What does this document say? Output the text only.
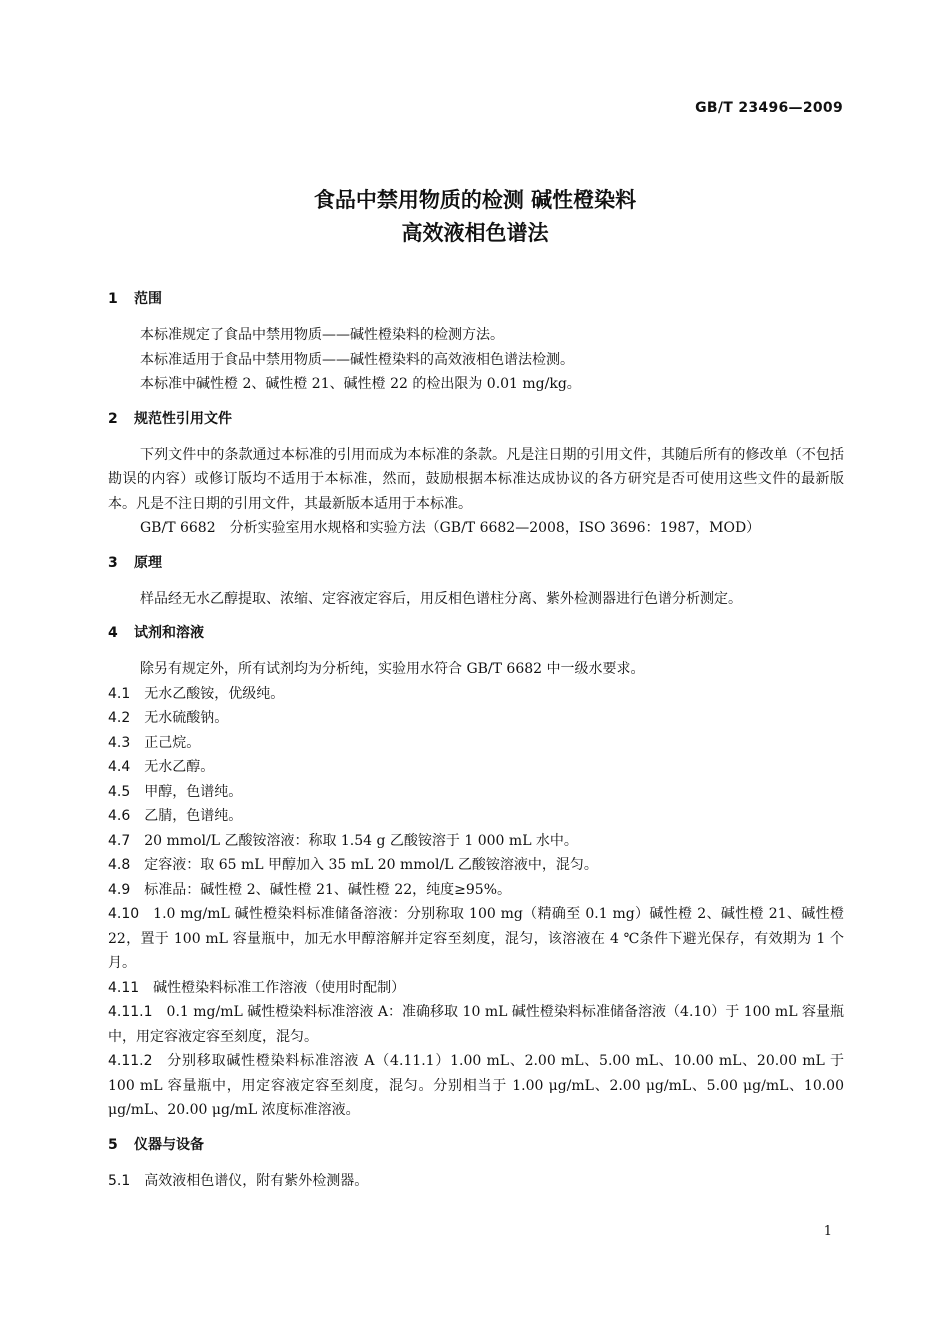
GB/T 23496—2009
食品中禁用物质的检测 碱性橙染料
高效液相色谱法
1 范围

本标准规定了食品中禁用物质——碱性橙染料的检测方法。

本标准适用于食品中禁用物质——碱性橙染料的高效液相色谱法检测。

本标准中碱性橙 2、碱性橙 21、碱性橙 22 的检出限为 0.01 mg/kg。

2 规范性引用文件

下列文件中的条款通过本标准的引用而成为本标准的条款。凡是注日期的引用文件，其随后所有的修改单（不包括勘误的内容）或修订版均不适用于本标准，然而，鼓励根据本标准达成协议的各方研究是否可使用这些文件的最新版本。凡是不注日期的引用文件，其最新版本适用于本标准。

GB/T 6682　分析实验室用水规格和实验方法（GB/T 6682—2008，ISO 3696：1987，MOD）

3 原理

样品经无水乙醇提取、浓缩、定容液定容后，用反相色谱柱分离、紫外检测器进行色谱分析测定。

4 试剂和溶液

除另有规定外，所有试剂均为分析纯，实验用水符合 GB/T 6682 中一级水要求。

4.1 无水乙酸铵，优级纯。

4.2 无水硫酸钠。

4.3 正己烷。

4.4 无水乙醇。

4.5 甲醇，色谱纯。

4.6 乙腈，色谱纯。

4.7 20 mmol/L 乙酸铵溶液：称取 1.54 g 乙酸铵溶于 1 000 mL 水中。

4.8 定容液：取 65 mL 甲醇加入 35 mL 20 mmol/L 乙酸铵溶液中，混匀。

4.9 标准品：碱性橙 2、碱性橙 21、碱性橙 22，纯度≥95%。

4.10 1.0 mg/mL 碱性橙染料标准储备溶液：分别称取 100 mg（精确至 0.1 mg）碱性橙 2、碱性橙 21、碱性橙 22，置于 100 mL 容量瓶中，加无水甲醇溶解并定容至刻度，混匀，该溶液在 4 ℃条件下避光保存，有效期为 1 个月。

4.11 碱性橙染料标准工作溶液（使用时配制）

4.11.1 0.1 mg/mL 碱性橙染料标准溶液 A：准确移取 10 mL 碱性橙染料标准储备溶液（4.10）于 100 mL 容量瓶中，用定容液定容至刻度，混匀。

4.11.2 分别移取碱性橙染料标准溶液 A（4.11.1）1.00 mL、2.00 mL、5.00 mL、10.00 mL、20.00 mL 于 100 mL 容量瓶中，用定容液定容至刻度，混匀。分别相当于 1.00 μg/mL、2.00 μg/mL、5.00 μg/mL、10.00 μg/mL、20.00 μg/mL 浓度标准溶液。

5 仪器与设备

5.1 高效液相色谱仪，附有紫外检测器。

1
